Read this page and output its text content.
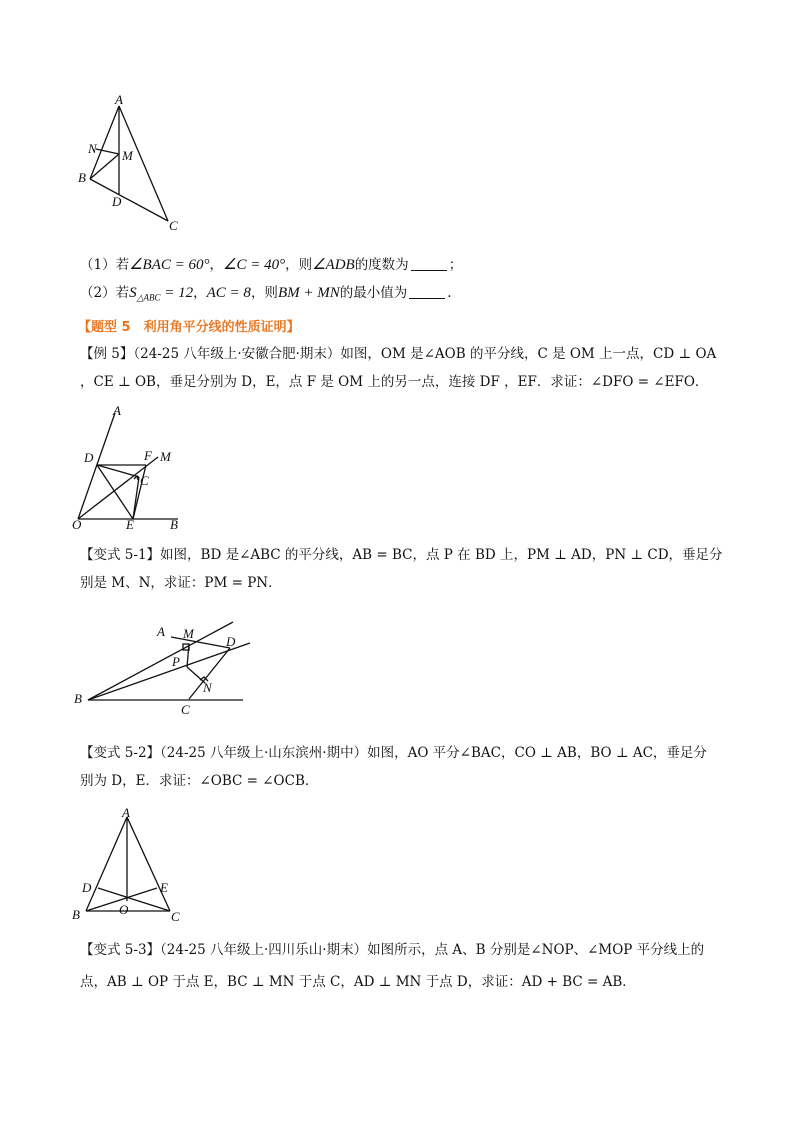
A
N M
B
D
C
（1）若∠BAC = 60°，∠C = 40°，则∠ADB的度数为	；
（2）若$S_{\triangle ABC} = 12$，AC = 8，则BM + MN的最小值为	.
【题型 5　利用角平分线的性质证明】
【例 5】（24-25 八年级上·安徽合肥·期末）如图，OM 是∠AOB 的平分线，C 是 OM 上一点，CD ⊥ OA
，CE ⊥ OB，垂足分别为 D，E，点 F 是 OM 上的另一点，连接 DF ，EF．求证：∠DFO = ∠EFO．
A
D	F M
C
O	E	B
【变式 5-1】如图，BD 是∠ABC 的平分线，AB = BC，点 P 在 BD 上，PM ⊥ AD，PN ⊥ CD，垂足分
别是 M、N，求证：PM = PN．
A M
D
P
N
B
C
【变式 5-2】（24-25 八年级上·山东滨州·期中）如图，AO 平分∠BAC，CO ⊥ AB，BO ⊥ AC，垂足分
别为 D，E．求证：∠OBC = ∠OCB．
A
D	E
O
B	C
【变式 5-3】（24-25 八年级上·四川乐山·期末）如图所示，点 A、B 分别是∠NOP、∠MOP 平分线上的
点，AB ⊥ OP 于点 E，BC ⊥ MN 于点 C，AD ⊥ MN 于点 D，求证：AD + BC = AB．
